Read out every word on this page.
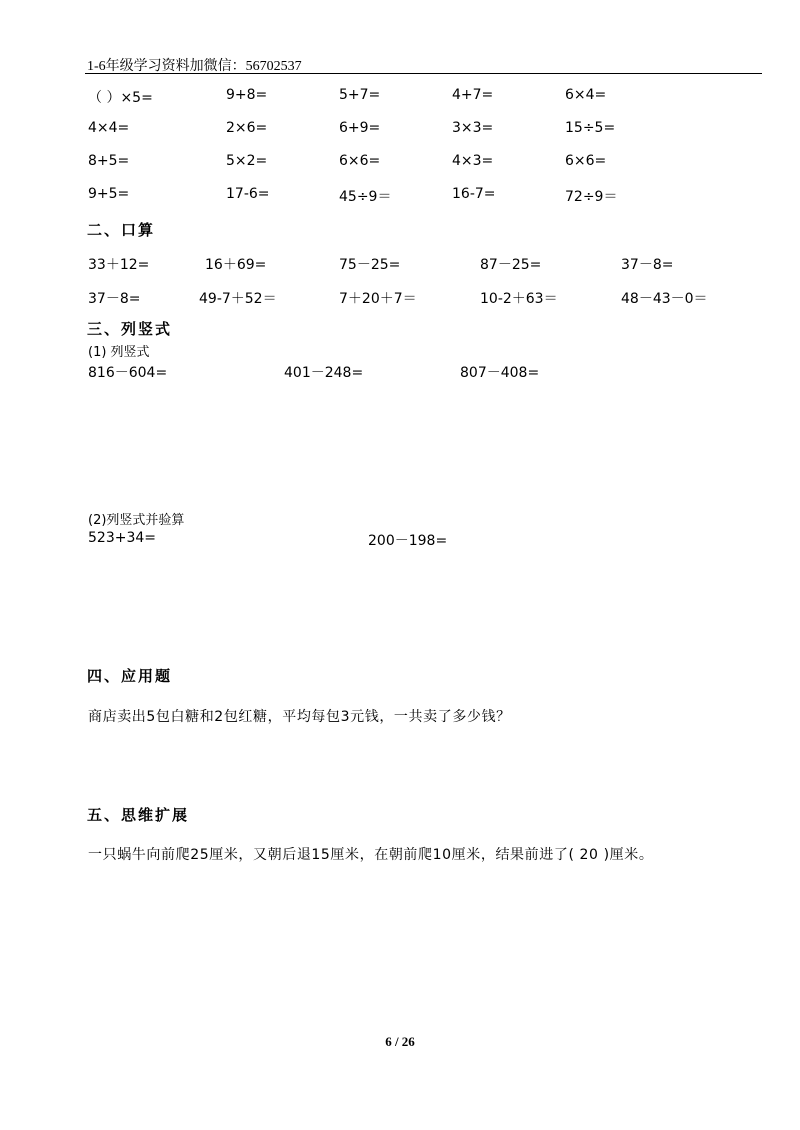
1-6年级学习资料加微信：56702537
（ ）×5=	9+8=	5+7=	4+7=	6×4=
4×4=	2×6=	6+9=	3×3=	15÷5=
8+5=	5×2=	6×6=	4×3=	6×6=
9+5=	17-6=	45÷9＝	16-7=	72÷9＝
二、口算
33＋12=	16＋69=	75－25=	87－25=	37－8=
37－8=	49-7＋52＝	7＋20＋7＝	10-2＋63＝	48－43－0＝
三、列竖式
(1) 列竖式
816－604=	401－248=	807－408=
(2)列竖式并验算
523+34=	200－198=
四、应用题
商店卖出5包白糖和2包红糖，平均每包3元钱，一共卖了多少钱？
五、思维扩展
一只蜗牛向前爬25厘米，又朝后退15厘米，在朝前爬10厘米，结果前进了( 20 )厘米。
6 / 26
